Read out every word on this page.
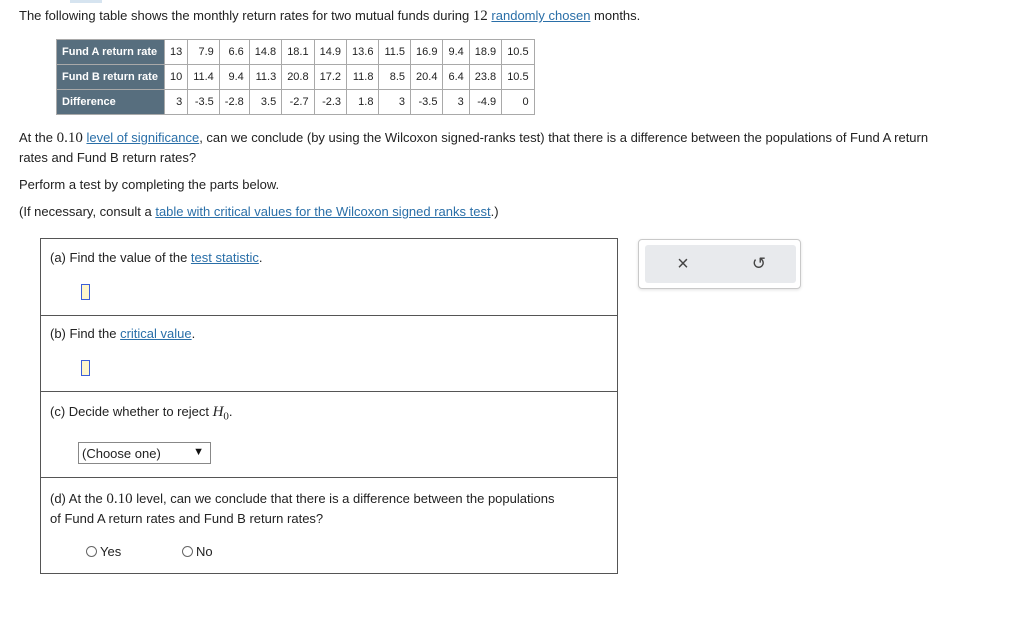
The following table shows the monthly return rates for two mutual funds during 12 randomly chosen months.
Fund A return rate	13	7.9	6.6	14.8	18.1	14.9	13.6	11.5	16.9	9.4	18.9	10.5
Fund B return rate	10	11.4	9.4	11.3	20.8	17.2	11.8	8.5	20.4	6.4	23.8	10.5
Difference	3	-3.5	-2.8	3.5	-2.7	-2.3	1.8	3	-3.5	3	-4.9	0
At the 0.10 level of significance, can we conclude (by using the Wilcoxon signed-ranks test) that there is a difference between the populations of Fund A return
rates and Fund B return rates?
Perform a test by completing the parts below.
(If necessary, consult a table with critical values for the Wilcoxon signed ranks test.)
(a) Find the value of the test statistic.
(b) Find the critical value.
(c) Decide whether to reject $H_0$.
(Choose one)	▼
(d) At the 0.10 level, can we conclude that there is a difference between the populations
of Fund A return rates and Fund B return rates?
Yes	No
×	↺
